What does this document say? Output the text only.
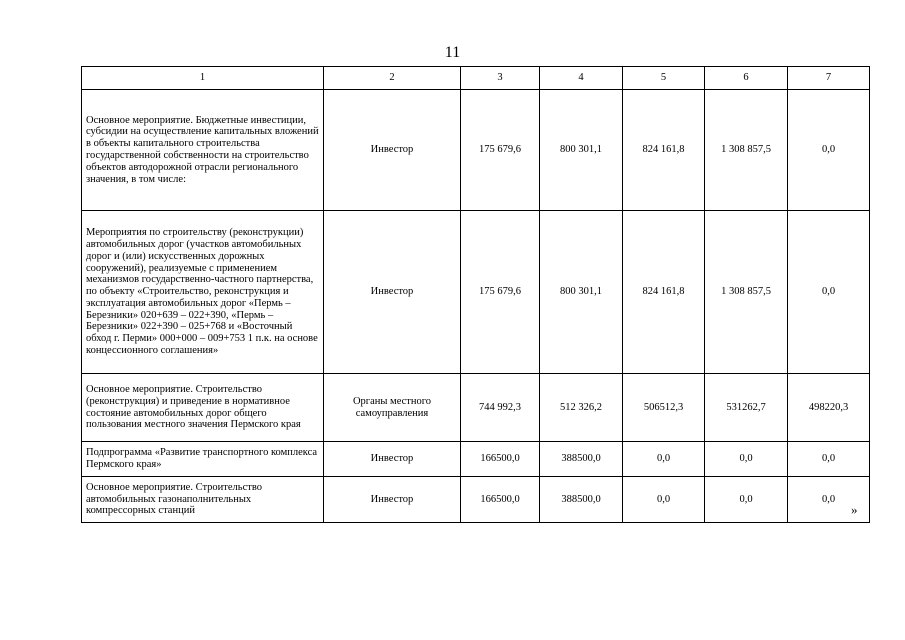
11
1	2	3	4	5	6	7
Основное мероприятие. Бюджетные инвестиции, субсидии на осуществление капитальных вложений в объекты капитального строительства государственной собственности на строительство объектов автодорожной отрасли регионального значения, в том числе:	Инвестор	175 679,6	800 301,1	824 161,8	1 308 857,5	0,0
Мероприятия по строительству (реконструкции) автомобильных дорог (участков автомобильных дорог и (или) искусственных дорожных сооружений), реализуемые с применением механизмов государственно-частного партнерства, по объекту «Строительство, реконструкция и эксплуатация автомобильных дорог «Пермь – Березники» 020+639 – 022+390, «Пермь – Березники» 022+390 – 025+768 и «Восточный обход г. Перми» 000+000 – 009+753 1 п.к. на основе концессионного соглашения»	Инвестор	175 679,6	800 301,1	824 161,8	1 308 857,5	0,0
Основное мероприятие. Строительство (реконструкция) и приведение в нормативное состояние автомобильных дорог общего пользования местного значения Пермского края	Органы местного самоуправления	744 992,3	512 326,2	506512,3	531262,7	498220,3
Подпрограмма «Развитие транспортного комплекса Пермского края»	Инвестор	166500,0	388500,0	0,0	0,0	0,0
Основное мероприятие. Строительство автомобильных газонаполнительных компрессорных станций	Инвестор	166500,0	388500,0	0,0	0,0	0,0
»
